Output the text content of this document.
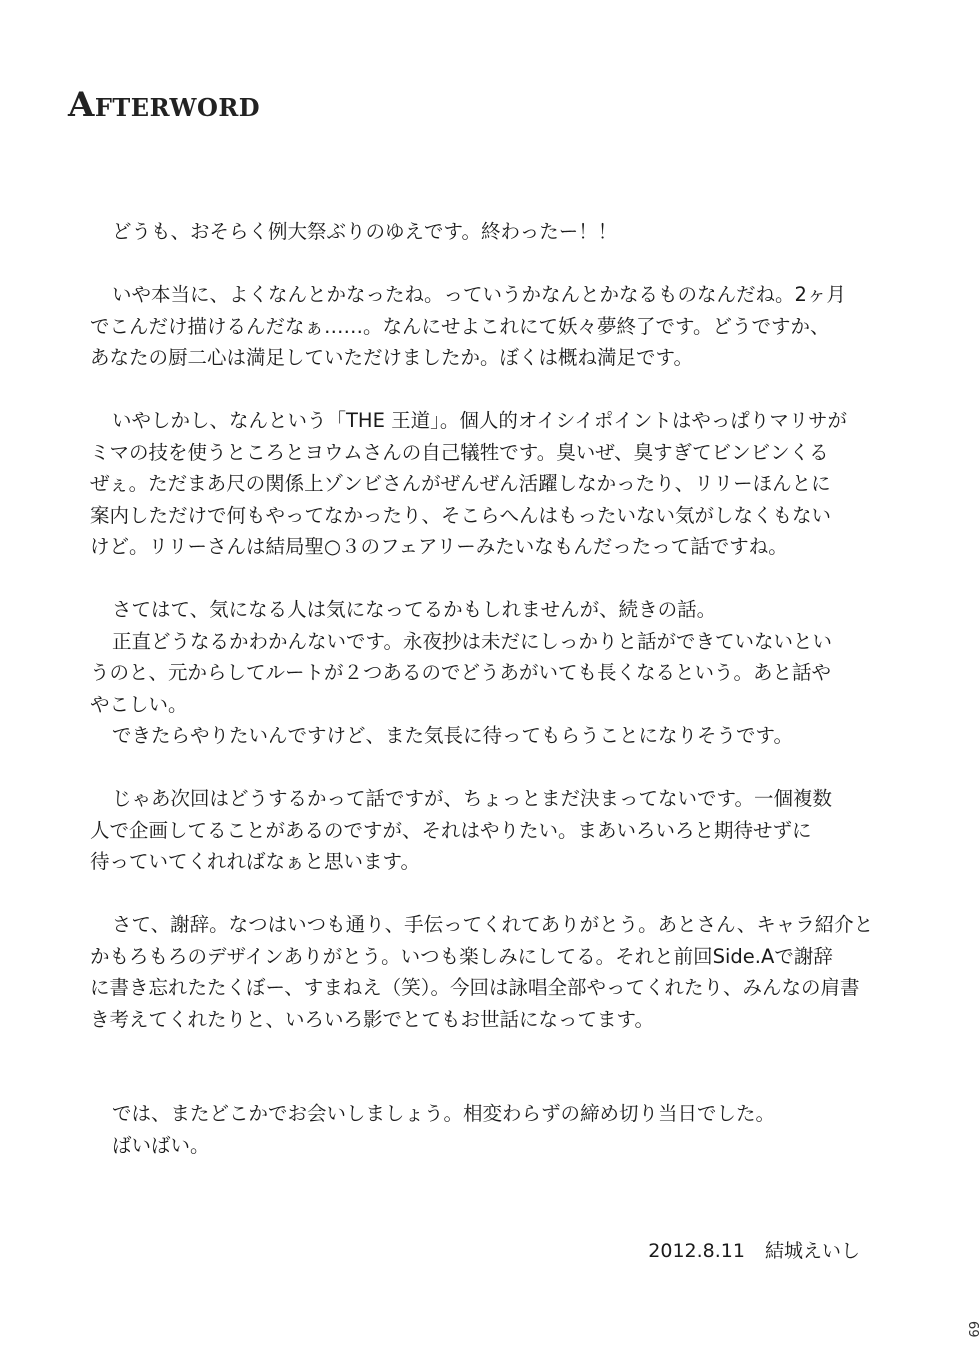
Afterword

どうも、おそらく例大祭ぶりのゆえです。終わったー！！

いや本当に、よくなんとかなったね。っていうかなんとかなるものなんだね。2ヶ月
でこんだけ描けるんだなぁ……。なんにせよこれにて妖々夢終了です。どうですか、
あなたの厨二心は満足していただけましたか。ぼくは概ね満足です。

いやしかし、なんという「THE 王道」。個人的オイシイポイントはやっぱりマリサが
ミマの技を使うところとヨウムさんの自己犠牲です。臭いぜ、臭すぎてビンビンくる
ぜぇ。ただまあ尺の関係上ゾンビさんがぜんぜん活躍しなかったり、リリーほんとに
案内しただけで何もやってなかったり、そこらへんはもったいない気がしなくもない
けど。リリーさんは結局聖○３のフェアリーみたいなもんだったって話ですね。

さてはて、気になる人は気になってるかもしれませんが、続きの話。
正直どうなるかわかんないです。永夜抄は未だにしっかりと話ができていないとい
うのと、元からしてルートが２つあるのでどうあがいても長くなるという。あと話や
やこしい。
できたらやりたいんですけど、また気長に待ってもらうことになりそうです。

じゃあ次回はどうするかって話ですが、ちょっとまだ決まってないです。一個複数
人で企画してることがあるのですが、それはやりたい。まあいろいろと期待せずに
待っていてくれればなぁと思います。

さて、謝辞。なつはいつも通り、手伝ってくれてありがとう。あとさん、キャラ紹介と
かもろもろのデザインありがとう。いつも楽しみにしてる。それと前回Side.Aで謝辞
に書き忘れたたくぼー、すまねえ（笑）。今回は詠唱全部やってくれたり、みんなの肩書
き考えてくれたりと、いろいろ影でとてもお世話になってます。

では、またどこかでお会いしましょう。相変わらずの締め切り当日でした。
ばいばい。

2012.8.11 結城えいし
69
